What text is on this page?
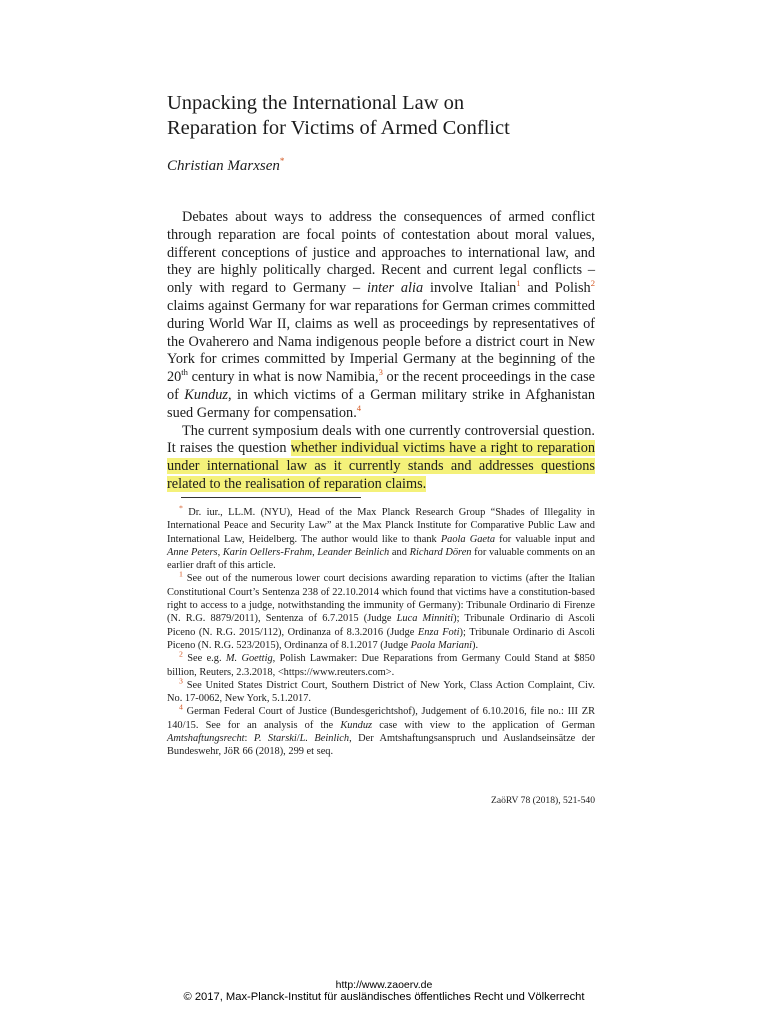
Unpacking the International Law on
Reparation for Victims of Armed Conflict
Christian Marxsen*

Debates about ways to address the consequences of armed conflict through reparation are focal points of contestation about moral values, different conceptions of justice and approaches to international law, and they are highly politically charged. Recent and current legal conflicts – only with regard to Germany – inter alia involve Italian$^1$ and Polish$^2$ claims against Germany for war reparations for German crimes committed during World War II, claims as well as proceedings by representatives of the Ovaherero and Nama indigenous people before a district court in New York for crimes committed by Imperial Germany at the beginning of the 20th century in what is now Namibia,$^3$ or the recent proceedings in the case of Kunduz, in which victims of a German military strike in Afghanistan sued Germany for compensation.$^4$

The current symposium deals with one currently controversial question. It raises the question whether individual victims have a right to reparation under international law as it currently stands and addresses questions related to the realisation of reparation claims.

* Dr. iur., LL.M. (NYU), Head of the Max Planck Research Group “Shades of Illegality in International Peace and Security Law” at the Max Planck Institute for Comparative Public Law and International Law, Heidelberg. The author would like to thank Paola Gaeta for valuable input and Anne Peters, Karin Oellers-Frahm, Leander Beinlich and Richard Dören for valuable comments on an earlier draft of this article.

$^1$ See out of the numerous lower court decisions awarding reparation to victims (after the Italian Constitutional Court’s Sentenza 238 of 22.10.2014 which found that victims have a constitution-based right to access to a judge, notwithstanding the immunity of Germany): Tribunale Ordinario di Firenze (N. R.G. 8879/2011), Sentenza of 6.7.2015 (Judge Luca Minniti); Tribunale Ordinario di Ascoli Piceno (N. R.G. 2015/112), Ordinanza of 8.3.2016 (Judge Enza Foti); Tribunale Ordinario di Ascoli Piceno (N. R.G. 523/2015), Ordinanza of 8.1.2017 (Judge Paola Mariani).

$^2$ See e.g. M. Goettig, Polish Lawmaker: Due Reparations from Germany Could Stand at $850 billion, Reuters, 2.3.2018, <https://www.reuters.com>.

$^3$ See United States District Court, Southern District of New York, Class Action Complaint, Civ. No. 17-0062, New York, 5.1.2017.

$^4$ German Federal Court of Justice (Bundesgerichtshof), Judgement of 6.10.2016, file no.: III ZR 140/15. See for an analysis of the Kunduz case with view to the application of German Amtshaftungsrecht: P. Starski/L. Beinlich, Der Amtshaftungsanspruch und Auslandseinsätze der Bundeswehr, JöR 66 (2018), 299 et seq.

ZaöRV 78 (2018), 521-540
http://www.zaoerv.de
© 2017, Max-Planck-Institut für ausländisches öffentliches Recht und Völkerrecht
